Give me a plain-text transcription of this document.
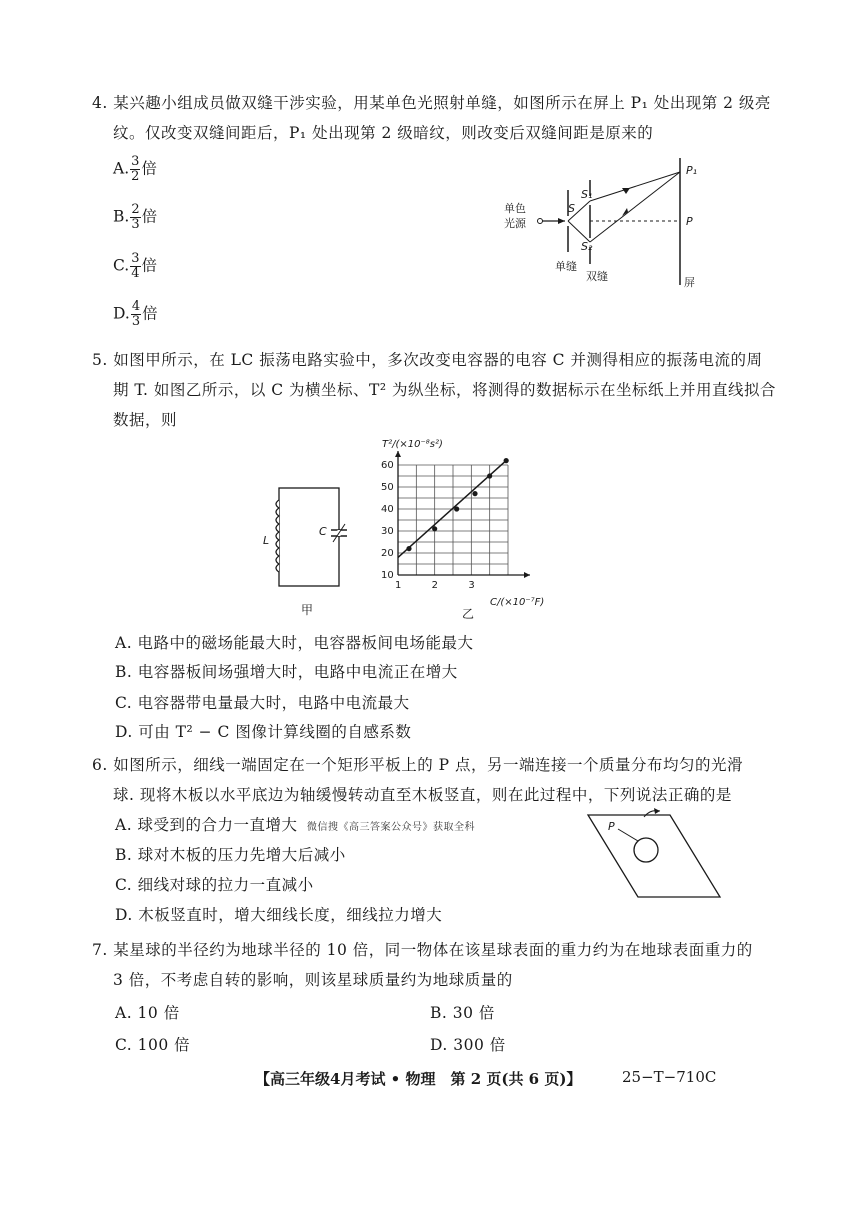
4. 某兴趣小组成员做双缝干涉实验，用某单色光照射单缝，如图所示在屏上 P₁ 处出现第 2 级亮
纹。仅改变双缝间距后，P₁ 处出现第 2 级暗纹，则改变后双缝间距是原来的
A. $\frac{3}{2}$ 倍
B. $\frac{2}{3}$ 倍
C. $\frac{3}{4}$ 倍
D. $\frac{4}{3}$ 倍
单色
光源
S
S₁
S₂
P₁
P
单缝
双缝	屏
5. 如图甲所示，在 LC 振荡电路实验中，多次改变电容器的电容 C 并测得相应的振荡电流的周
期 T. 如图乙所示，以 C 为横坐标、T² 为纵坐标，将测得的数据标示在坐标纸上并用直线拟合
数据，则
L
C
甲
1	2	3
10
20
30
40
50
60
T²/(×10⁻⁸s²)
C/(×10⁻⁷F)
乙
A. 电路中的磁场能最大时，电容器板间电场能最大
B. 电容器板间场强增大时，电路中电流正在增大
C. 电容器带电量最大时，电路中电流最大
D. 可由 T² − C 图像计算线圈的自感系数
6. 如图所示，细线一端固定在一个矩形平板上的 P 点，另一端连接一个质量分布均匀的光滑
球. 现将木板以水平底边为轴缓慢转动直至木板竖直，则在此过程中，下列说法正确的是
A. 球受到的合力一直增大 微信搜《高三答案公众号》获取全科
B. 球对木板的压力先增大后减小
C. 细线对球的拉力一直减小
D. 木板竖直时，增大细线长度，细线拉力增大
P
7. 某星球的半径约为地球半径的 10 倍，同一物体在该星球表面的重力约为在地球表面重力的
3 倍，不考虑自转的影响，则该星球质量约为地球质量的
A. 10 倍	B. 30 倍
C. 100 倍	D. 300 倍
【高三年级4月考试 • 物理　第 2 页(共 6 页)】	25−T−710C
